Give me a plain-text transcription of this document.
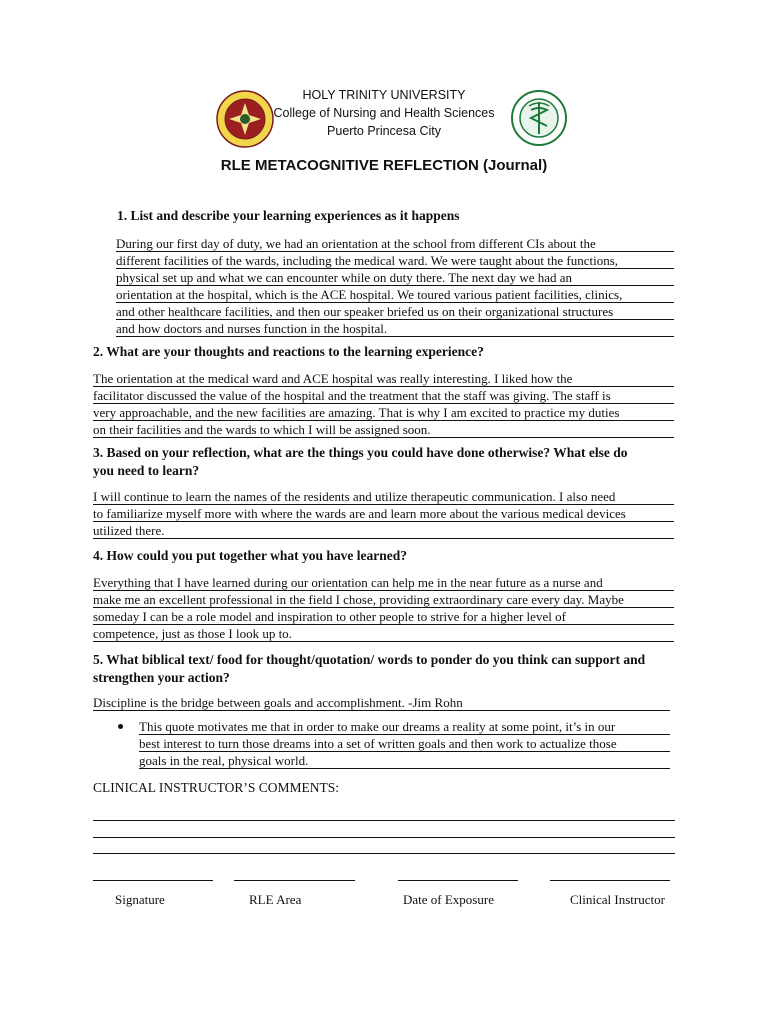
HOLY TRINITY UNIVERSITY
College of Nursing and Health Sciences
Puerto Princesa City
RLE METACOGNITIVE REFLECTION (Journal)
1. List and describe your learning experiences as it happens
During our first day of duty, we had an orientation at the school from different CIs about the
different facilities of the wards, including the medical ward. We were taught about the functions,
physical set up and what we can encounter while on duty there. The next day we had an
orientation at the hospital, which is the ACE hospital. We toured various patient facilities, clinics,
and other healthcare facilities, and then our speaker briefed us on their organizational structures
and how doctors and nurses function in the hospital.
2. What are your thoughts and reactions to the learning experience?
The orientation at the medical ward and ACE hospital was really interesting. I liked how the
facilitator discussed the value of the hospital and the treatment that the staff was giving. The staff is
very approachable, and the new facilities are amazing. That is why I am excited to practice my duties
on their facilities and the wards to which I will be assigned soon.
3. Based on your reflection, what are the things you could have done otherwise? What else do
you need to learn?
I will continue to learn the names of the residents and utilize therapeutic communication. I also need
to familiarize myself more with where the wards are and learn more about the various medical devices
utilized there.
4. How could you put together what you have learned?
Everything that I have learned during our orientation can help me in the near future as a nurse and
make me an excellent professional in the field I chose, providing extraordinary care every day. Maybe
someday I can be a role model and inspiration to other people to strive for a higher level of
competence, just as those I look up to.
5. What biblical text/ food for thought/quotation/ words to ponder do you think can support and
strengthen your action?
Discipline is the bridge between goals and accomplishment. -Jim Rohn
This quote motivates me that in order to make our dreams a reality at some point, it’s in our
best interest to turn those dreams into a set of written goals and then work to actualize those
goals in the real, physical world.
CLINICAL INSTRUCTOR’S COMMENTS:
Signature	RLE Area	Date of Exposure	Clinical Instructor
